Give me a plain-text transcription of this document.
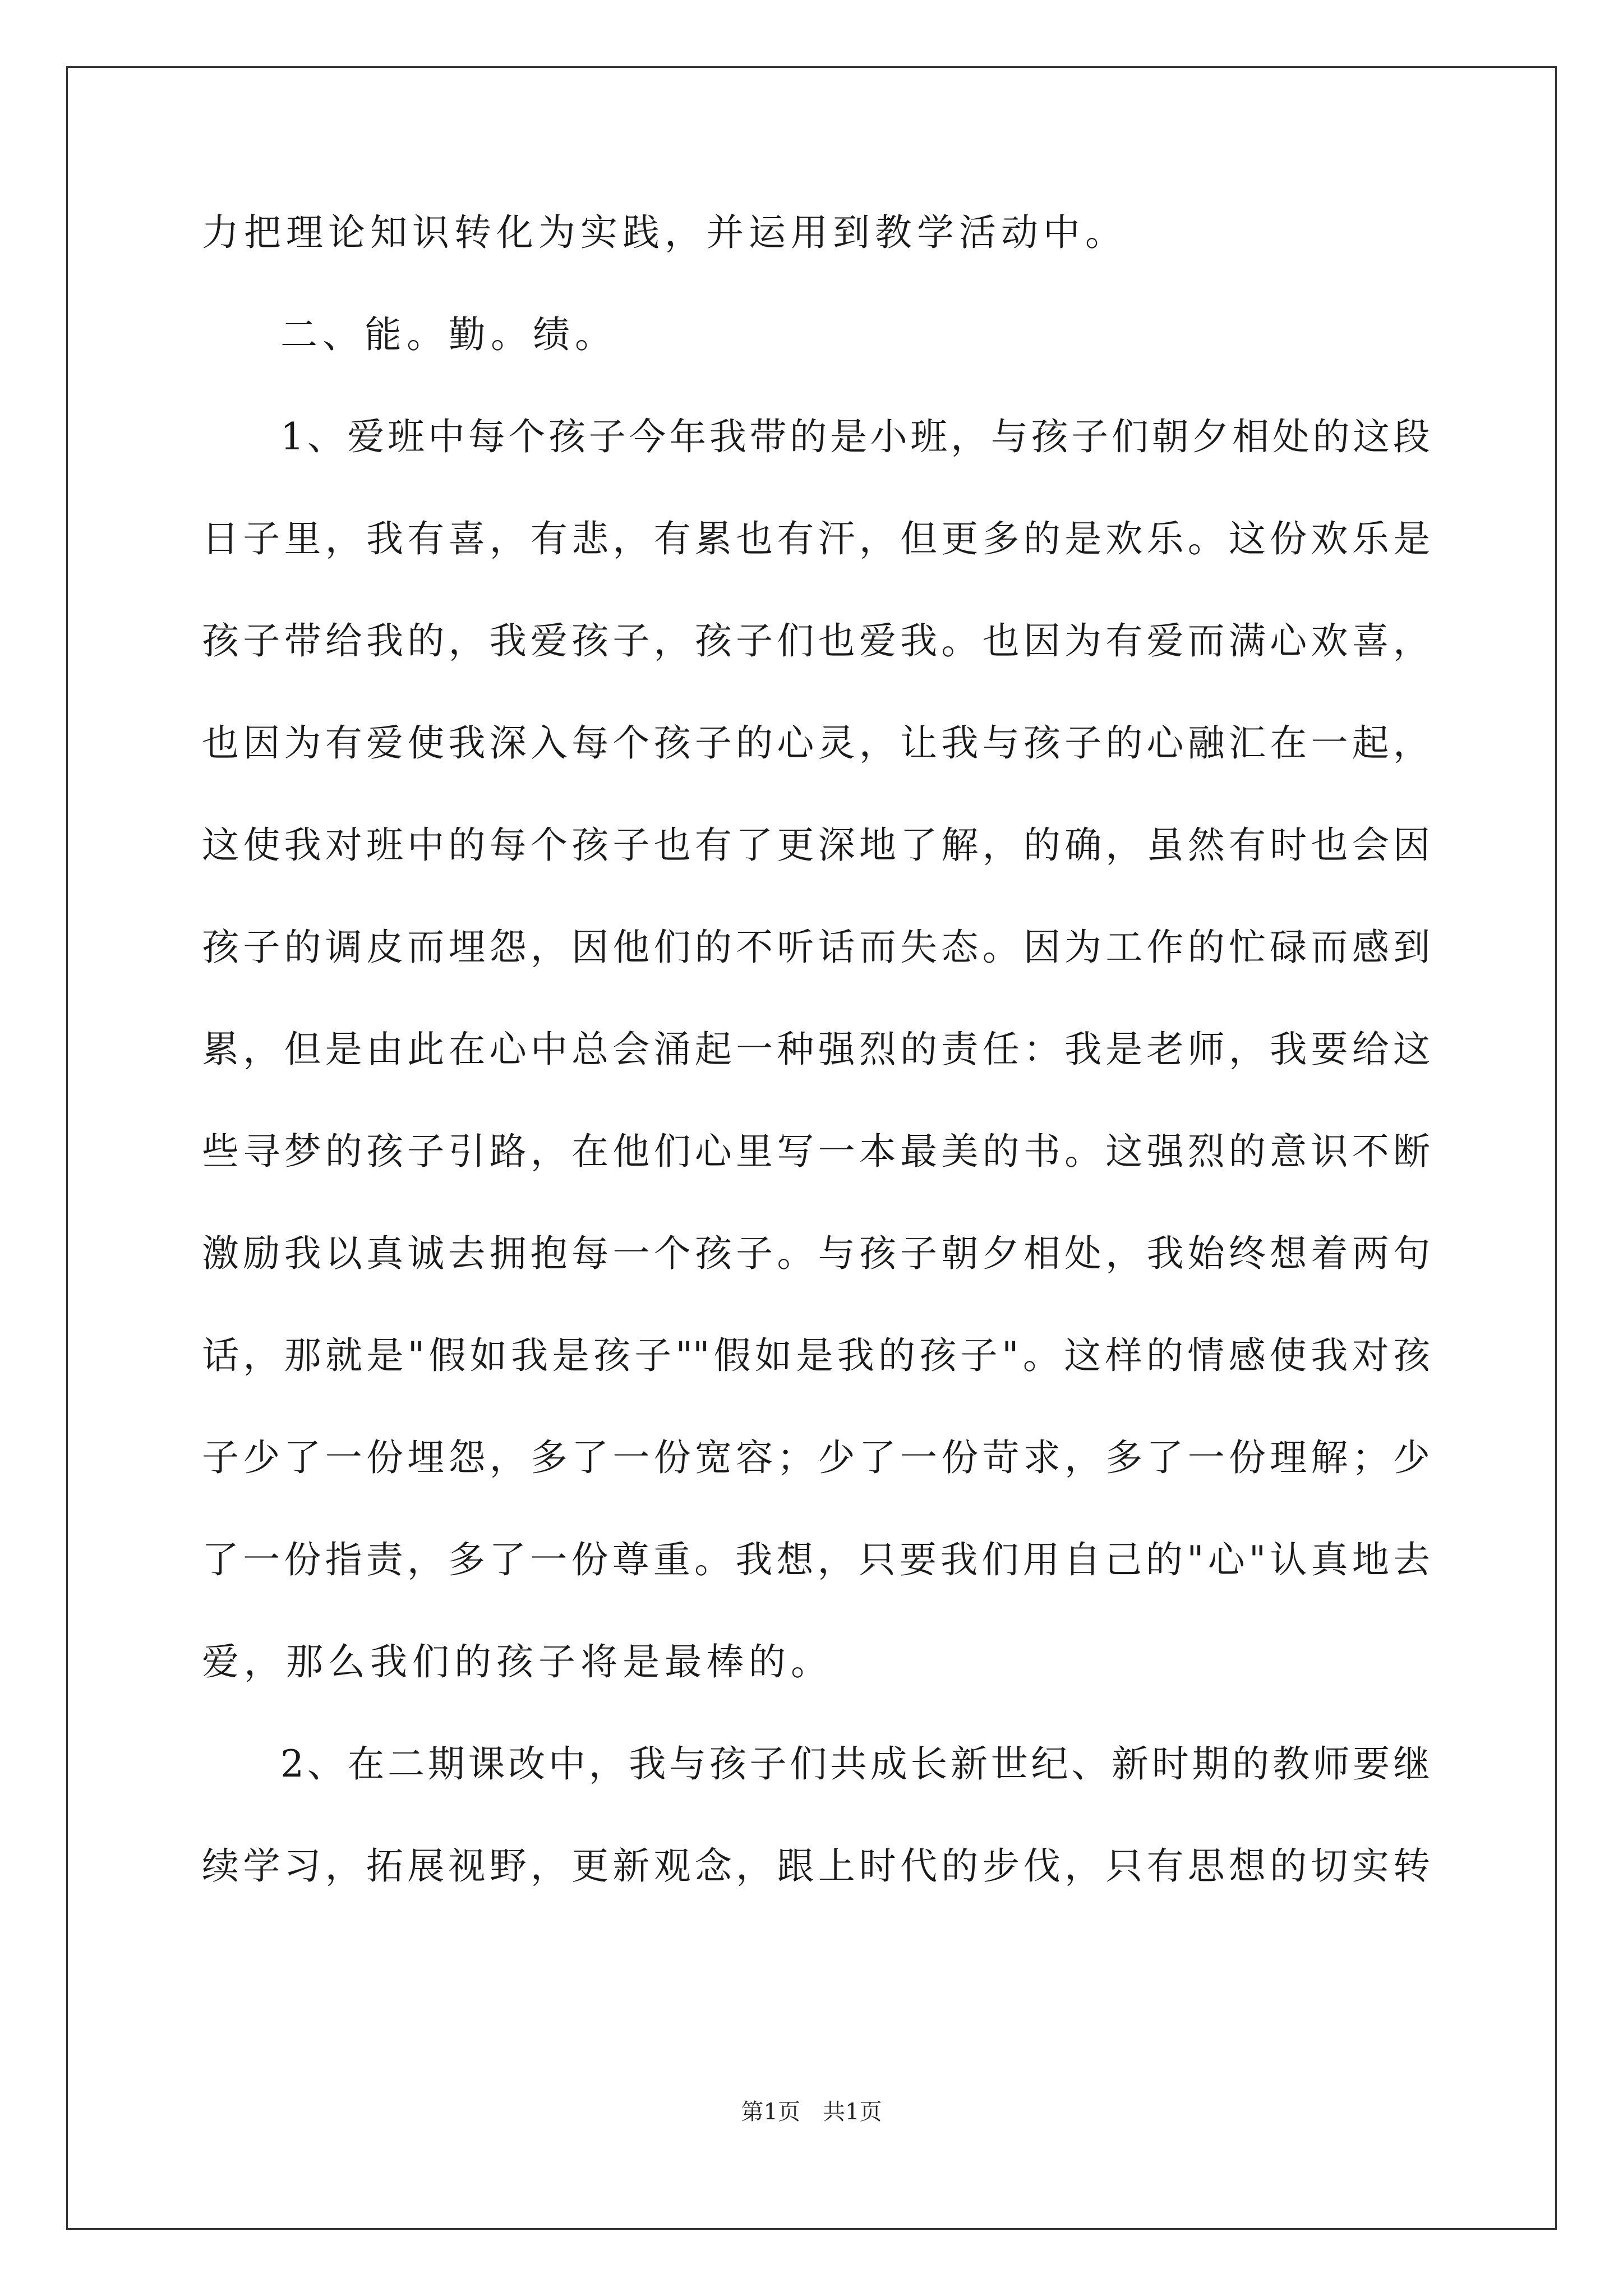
力把理论知识转化为实践，并运用到教学活动中。
二、能。勤。绩。
1、爱班中每个孩子今年我带的是小班，与孩子们朝夕相处的这段
日子里，我有喜，有悲，有累也有汗，但更多的是欢乐。这份欢乐是
孩子带给我的，我爱孩子，孩子们也爱我。也因为有爱而满心欢喜，
也因为有爱使我深入每个孩子的心灵，让我与孩子的心融汇在一起，
这使我对班中的每个孩子也有了更深地了解，的确，虽然有时也会因
孩子的调皮而埋怨，因他们的不听话而失态。因为工作的忙碌而感到
累，但是由此在心中总会涌起一种强烈的责任：我是老师，我要给这
些寻梦的孩子引路，在他们心里写一本最美的书。这强烈的意识不断
激励我以真诚去拥抱每一个孩子。与孩子朝夕相处，我始终想着两句
话，那就是"假如我是孩子""假如是我的孩子"。这样的情感使我对孩
子少了一份埋怨，多了一份宽容；少了一份苛求，多了一份理解；少
了一份指责，多了一份尊重。我想，只要我们用自己的"心"认真地去
爱，那么我们的孩子将是最棒的。
2、在二期课改中，我与孩子们共成长新世纪、新时期的教师要继
续学习，拓展视野，更新观念，跟上时代的步伐，只有思想的切实转
第1页 共1页
